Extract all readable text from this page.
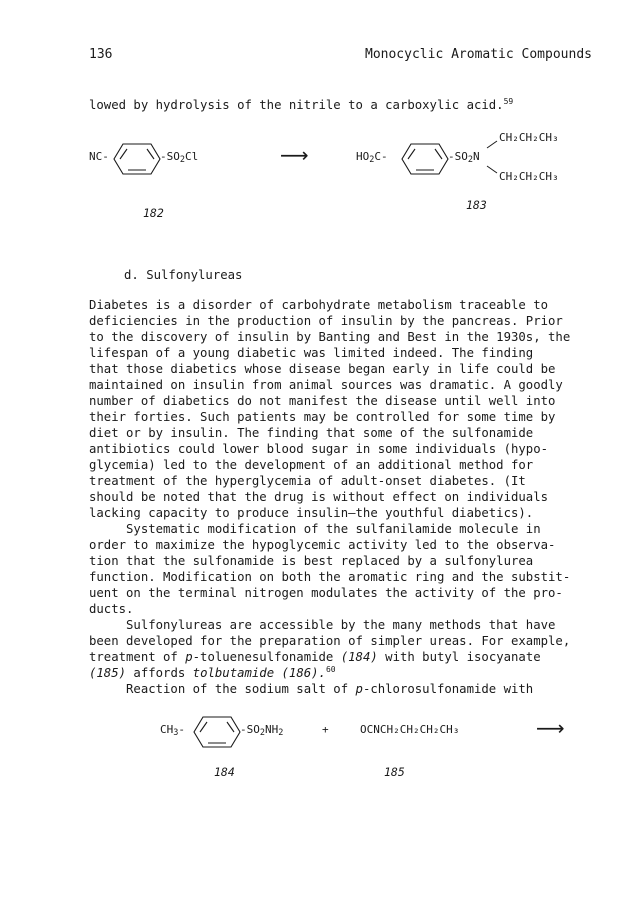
136	Monocyclic Aromatic Compounds
lowed by hydrolysis of the nitrile to a carboxylic acid.$^{59}$
NC-	$-SO_2Cl$	⟶	$HO_2C-$	$-SO_2N$
CH₂CH₂CH₃
CH₂CH₂CH₃
182
183
d. Sulfonylureas
Diabetes is a disorder of carbohydrate metabolism traceable to
deficiencies in the production of insulin by the pancreas. Prior
to the discovery of insulin by Banting and Best in the 1930s, the
lifespan of a young diabetic was limited indeed. The finding
that those diabetics whose disease began early in life could be
maintained on insulin from animal sources was dramatic. A goodly
number of diabetics do not manifest the disease until well into
their forties. Such patients may be controlled for some time by
diet or by insulin. The finding that some of the sulfonamide
antibiotics could lower blood sugar in some individuals (hypo-
glycemia) led to the development of an additional method for
treatment of the hyperglycemia of adult-onset diabetes. (It
should be noted that the drug is without effect on individuals
lacking capacity to produce insulin—the youthful diabetics).
Systematic modification of the sulfanilamide molecule in
order to maximize the hypoglycemic activity led to the observa-
tion that the sulfonamide is best replaced by a sulfonylurea
function. Modification on both the aromatic ring and the substit-
uent on the terminal nitrogen modulates the activity of the pro-
ducts.
Sulfonylureas are accessible by the many methods that have
been developed for the preparation of simpler ureas. For example,
treatment of p-toluenesulfonamide (184) with butyl isocyanate
(185) affords tolbutamide (186).$^{60}$
Reaction of the sodium salt of p-chlorosulfonamide with
$CH_3-$	$-SO_2NH_2$	+	OCNCH₂CH₂CH₂CH₃	⟶
184	185
